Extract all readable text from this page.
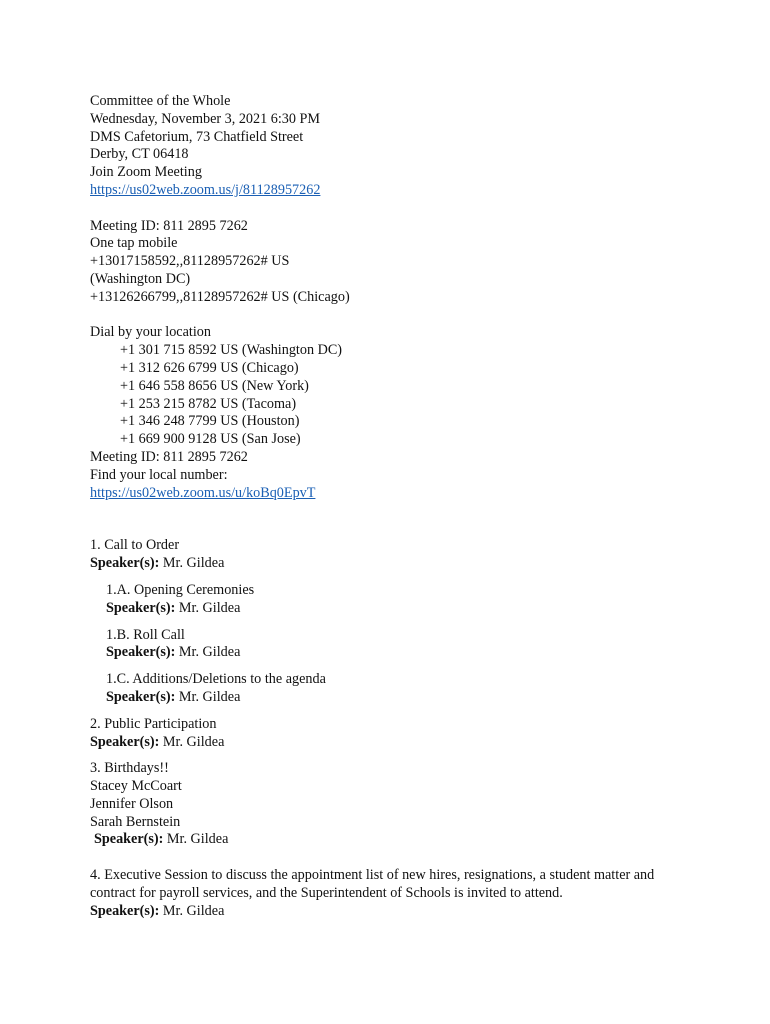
Committee of the Whole

Wednesday, November 3, 2021 6:30 PM

DMS Cafetorium, 73 Chatfield Street

Derby, CT 06418

Join Zoom Meeting

https://us02web.zoom.us/j/81128957262

Meeting ID: 811 2895 7262

One tap mobile

+13017158592,,81128957262# US

(Washington DC)

+13126266799,,81128957262# US (Chicago)

Dial by your location

+1 301 715 8592 US (Washington DC)

+1 312 626 6799 US (Chicago)

+1 646 558 8656 US (New York)

+1 253 215 8782 US (Tacoma)

+1 346 248 7799 US (Houston)

+1 669 900 9128 US (San Jose)

Meeting ID: 811 2895 7262

Find your local number:

https://us02web.zoom.us/u/koBq0EpvT

1. Call to Order

Speaker(s): Mr. Gildea

1.A. Opening Ceremonies

Speaker(s): Mr. Gildea

1.B. Roll Call

Speaker(s): Mr. Gildea

1.C. Additions/Deletions to the agenda

Speaker(s): Mr. Gildea

2. Public Participation

Speaker(s): Mr. Gildea

3. Birthdays!!

Stacey McCoart

Jennifer Olson

Sarah Bernstein

Speaker(s): Mr. Gildea

4. Executive Session to discuss the appointment list of new hires, resignations, a student matter and contract for payroll services, and the Superintendent of Schools is invited to attend.

Speaker(s): Mr. Gildea
